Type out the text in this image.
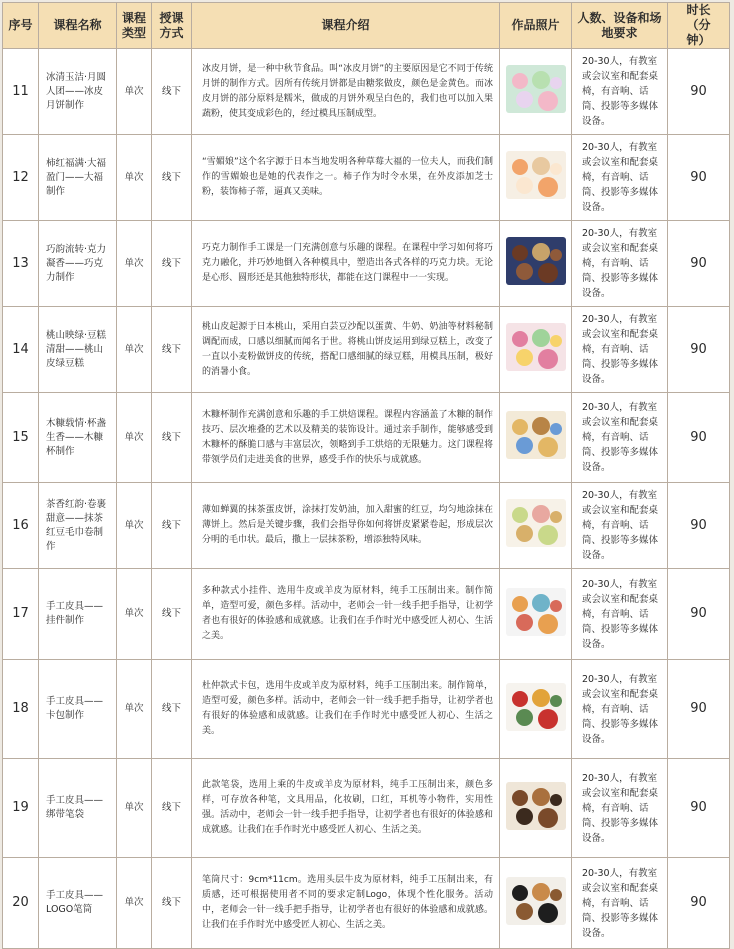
序号	课程名称	课程类型	授课方式	课程介绍	作品照片	人数、设备和场地要求	时长（分钟）

11	冰清玉洁·月圆人团——冰皮月饼制作	单次	线下	冰皮月饼，是一种中秋节食品。叫“冰皮月饼”的主要原因是它不同于传统月饼的制作方式。因所有传统月饼都是由糖浆做皮，颜色是金黄色。而冰皮月饼的部分原料是糯米，做成的月饼外观呈白色的，我们也可以加入果蔬粉，使其变成彩色的，经过模具压制成型。		20-30人，有教室或会议室和配套桌椅，有音响、话筒、投影等多媒体设备。	90
12	柿红福满·大福盈门——大福制作	单次	线下	“雪媚娘”这个名字源于日本当地发明各种草莓大福的一位夫人，而我们制作的雪媚娘也是她的代表作之一。柿子作为时令水果，在外皮添加芝士粉，装饰柿子蒂，逼真又美味。		20-30人，有教室或会议室和配套桌椅，有音响、话筒、投影等多媒体设备。	90
13	巧韵流转·克力凝香——巧克力制作	单次	线下	巧克力制作手工课是一门充满创意与乐趣的课程。在课程中学习如何将巧克力融化，并巧妙地倒入各种模具中，塑造出各式各样的巧克力块。无论是心形、圆形还是其他独特形状，都能在这门课程中一一实现。		20-30人，有教室或会议室和配套桌椅，有音响、话筒、投影等多媒体设备。	90
14	桃山映绿·豆糕清甜——桃山皮绿豆糕	单次	线下	桃山皮起源于日本桃山，采用白芸豆沙配以蛋黄、牛奶、奶油等材料秘制调配而成，口感以细腻而闻名于世。将桃山饼皮运用到绿豆糕上，改变了一直以小麦粉做饼皮的传统，搭配口感细腻的绿豆糕，用模具压制，极好的消暑小食。		20-30人，有教室或会议室和配套桌椅，有音响、话筒、投影等多媒体设备。	90
15	木糠载情·杯盏生香——木糠杯制作	单次	线下	木糠杯制作充满创意和乐趣的手工烘焙课程。课程内容涵盖了木糠的制作技巧、层次堆叠的艺术以及精美的装饰设计。通过亲手制作，能够感受到木糠杯的酥脆口感与丰富层次，领略到手工烘焙的无限魅力。这门课程将带领学员们走进美食的世界，感受手作的快乐与成就感。		20-30人，有教室或会议室和配套桌椅，有音响、话筒、投影等多媒体设备。	90
16	茶香红韵·卷裹甜意——抹茶红豆毛巾卷制作	单次	线下	薄如蝉翼的抹茶蛋皮饼，涂抹打发奶油，加入甜蜜的红豆，均匀地涂抹在薄饼上。然后是关键步骤，我们会指导你如何将饼皮紧紧卷起，形成层次分明的毛巾状。最后，撒上一层抹茶粉，增添独特风味。		20-30人，有教室或会议室和配套桌椅，有音响、话筒、投影等多媒体设备。	90
17	手工皮具——挂件制作	单次	线下	多种款式小挂件、选用牛皮或羊皮为原材料，纯手工压制出来。制作简单，造型可爱，颜色多样。活动中，老师会一针一线手把手指导，让初学者也有很好的体验感和成就感。让我们在手作时光中感受匠人初心、生活之美。		20-30人，有教室或会议室和配套桌椅，有音响、话筒、投影等多媒体设备。	90
18	手工皮具——卡包制作	单次	线下	杜仲款式卡包，选用牛皮或羊皮为原材料，纯手工压制出来。制作简单，造型可爱，颜色多样。活动中，老师会一针一线手把手指导，让初学者也有很好的体验感和成就感。让我们在手作时光中感受匠人初心、生活之美。		20-30人，有教室或会议室和配套桌椅，有音响、话筒、投影等多媒体设备。	90
19	手工皮具——绑带笔袋	单次	线下	此款笔袋，选用上乘的牛皮或羊皮为原材料，纯手工压制出来，颜色多样，可存放各种笔，文具用品，化妆刷，口红，耳机等小物件，实用性强。活动中，老师会一针一线手把手指导，让初学者也有很好的体验感和成就感。让我们在手作时光中感受匠人初心、生活之美。		20-30人，有教室或会议室和配套桌椅，有音响、话筒、投影等多媒体设备。	90
20	手工皮具——LOGO笔筒	单次	线下	笔筒尺寸：9cm*11cm。选用头层牛皮为原材料，纯手工压制出来，有质感，还可根据使用者不同的要求定制Logo，体现个性化服务。活动中，老师会一针一线手把手指导，让初学者也有很好的体验感和成就感。让我们在手作时光中感受匠人初心、生活之美。		20-30人，有教室或会议室和配套桌椅，有音响、话筒、投影等多媒体设备。	90
